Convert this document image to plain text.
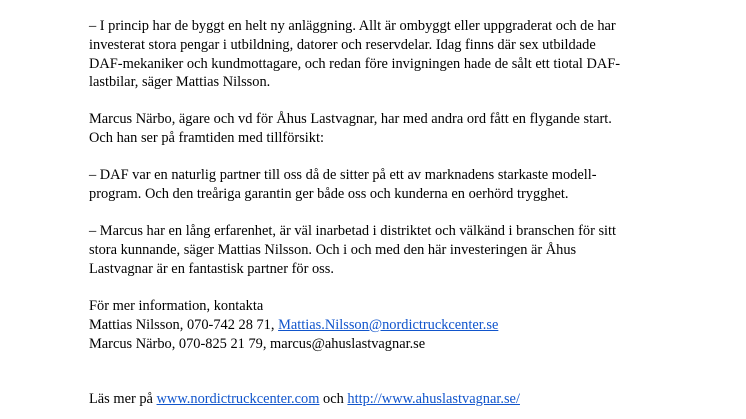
– I princip har de byggt en helt ny anläggning. Allt är ombyggt eller uppgraderat och de har
investerat stora pengar i utbildning, datorer och reservdelar. Idag finns där sex utbildade
DAF-mekaniker och kundmottagare, och redan före invigningen hade de sålt ett tiotal DAF-
lastbilar, säger Mattias Nilsson.
Marcus Närbo, ägare och vd för Åhus Lastvagnar, har med andra ord fått en flygande start.
Och han ser på framtiden med tillförsikt:
– DAF var en naturlig partner till oss då de sitter på ett av marknadens starkaste modell-
program. Och den treåriga garantin ger både oss och kunderna en oerhörd trygghet.
– Marcus har en lång erfarenhet, är väl inarbetad i distriktet och välkänd i branschen för sitt
stora kunnande, säger Mattias Nilsson. Och i och med den här investeringen är Åhus
Lastvagnar är en fantastisk partner för oss.
För mer information, kontakta
Mattias Nilsson, 070-742 28 71, Mattias.Nilsson@nordictruckcenter.se
Marcus Närbo, 070-825 21 79, marcus@ahuslastvagnar.se
Läs mer på www.nordictruckcenter.com och http://www.ahuslastvagnar.se/
